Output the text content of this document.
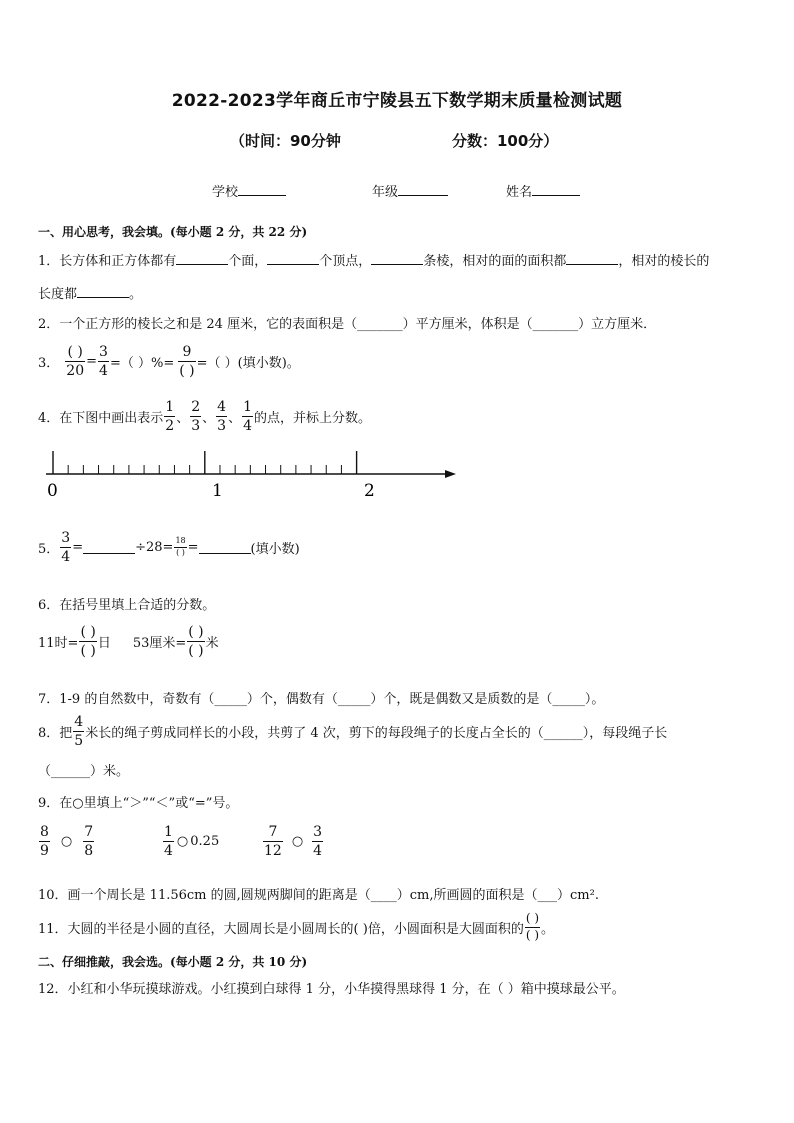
2022-2023学年商丘市宁陵县五下数学期末质量检测试题
（时间：90分钟	分数：100分）
学校	年级	姓名
一、用心思考，我会填。(每小题 2 分，共 22 分)
1．长方体和正方体都有	个面，	个顶点，	条棱，相对的面的面积都	，相对的棱长的
长度都	。
2．一个正方形的棱长之和是 24 厘米，它的表面积是（_______）平方厘米，体积是（_______）立方厘米．
3． $\frac{( )}{20} = \frac{3}{4}$ =（ ）%= $\frac{9}{( )}$ =（ ）(填小数)。
4．在下图中画出表示 $\frac{1}{2}$ 、 $\frac{2}{3}$ 、 $\frac{4}{3}$ 、 $\frac{1}{4}$ 的点，并标上分数。
0	1	2
5． $\frac{3}{4}$ =	$\div 28= \frac{18}{( )}$ =	(填小数)
6．在括号里填上合适的分数。
11时= $\frac{( )}{( )}$ 日 53厘米= $\frac{( )}{( )}$ 米
7．1-9 的自然数中，奇数有（_____）个，偶数有（_____）个，既是偶数又是质数的是（_____）。
8．把 $\frac{4}{5}$ 米长的绳子剪成同样长的小段，共剪了 4 次，剪下的每段绳子的长度占全长的（______），每段绳子长
（______）米。
9．在○里填上“＞”“＜”或“=”号。
$\frac{8}{9}$ ○ $\frac{7}{8}$	$\frac{1}{4}$ ○ 0.25	$\frac{7}{12}$ ○ $\frac{3}{4}$
10．画一个周长是 11.56cm 的圆,圆规两脚间的距离是（____）cm,所画圆的面积是（___）cm².
11．大圆的半径是小圆的直径，大圆周长是小圆周长的( )倍，小圆面积是大圆面积的 $\frac{( )}{( )}$ 。
二、仔细推敲，我会选。(每小题 2 分，共 10 分)
12．小红和小华玩摸球游戏。小红摸到白球得 1 分，小华摸得黑球得 1 分，在（ ）箱中摸球最公平。
